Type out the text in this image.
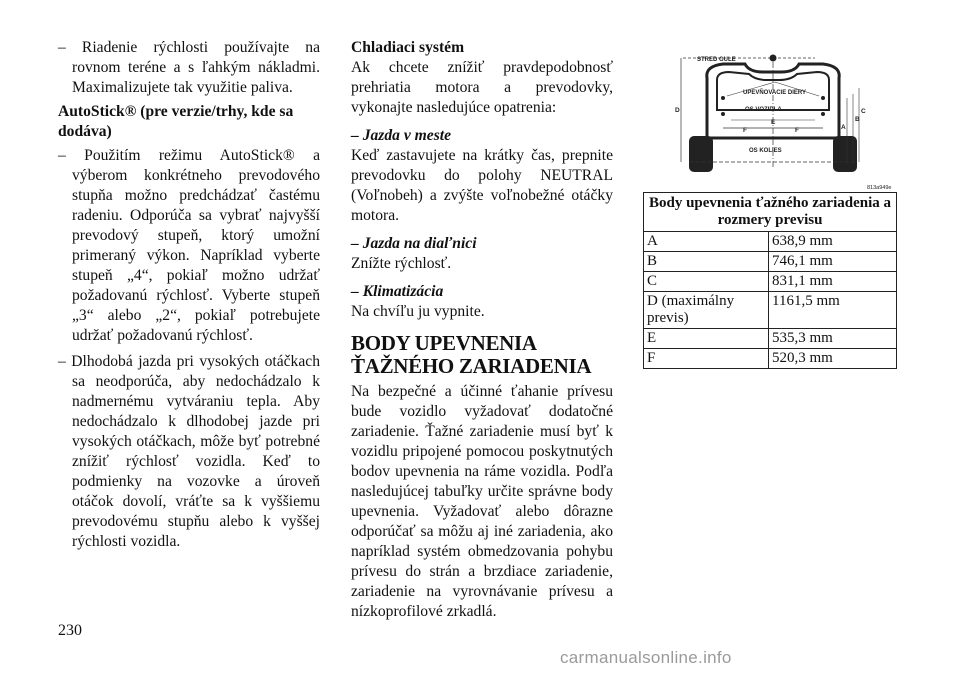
– Riadenie rýchlosti používajte na rovnom teréne a s ľahkým nákladmi. Maximalizujete tak využitie paliva.

AutoStick® (pre verzie/trhy, kde sa dodáva)

– Použitím režimu AutoStick® a výberom konkrétneho prevodového stupňa možno predchádzať častému radeniu. Odporúča sa vybrať najvyšší prevodový stupeň, ktorý umožní primeraný výkon. Napríklad vyberte stupeň „4“, pokiaľ možno udržať požadovanú rýchlosť. Vyberte stupeň „3“ alebo „2“, pokiaľ potrebujete udržať požadovanú rýchlosť.

– Dlhodobá jazda pri vysokých otáčkach sa neodporúča, aby nedochádzalo k nadmernému vytváraniu tepla. Aby nedochádzalo k dlhodobej jazde pri vysokých otáčkach, môže byť potrebné znížiť rýchlosť vozidla. Keď to podmienky na vozovke a úroveň otáčok dovolí, vráťte sa k vyššiemu prevodovému stupňu alebo k vyššej rýchlosti vozidla.

Chladiaci systém

Ak chcete znížiť pravdepodobnosť prehriatia motora a prevodovky, vykonajte nasledujúce opatrenia:

– Jazda v meste

Keď zastavujete na krátky čas, prepnite prevodovku do polohy NEUTRAL (Voľnobeh) a zvýšte voľnobežné otáčky motora.

– Jazda na diaľnici

Znížte rýchlosť.

– Klimatizácia

Na chvíľu ju vypnite.

BODY UPEVNENIA ŤAŽNÉHO ZARIADENIA

Na bezpečné a účinné ťahanie prívesu bude vozidlo vyžadovať dodatočné zariadenie. Ťažné zariadenie musí byť k vozidlu pripojené pomocou poskytnutých bodov upevnenia na ráme vozidla. Podľa nasledujúcej tabuľky určite správne body upevnenia. Vyžadovať alebo dôrazne odporúčať sa môžu aj iné zariadenia, ako napríklad systém obmedzovania pohybu prívesu do strán a brzdiace zariadenie, zariadenie na vyrovnávanie prívesu a nízkoprofilové zrkadlá.

STRED GULE
UPEVŇOVACIE DIERY
OS VOZIDLA
OS KOLIES
D
E
F	F	A
B
C
813a949e
Body upevnenia ťažného zariadenia a rozmery previsu	
A	638,9 mm
B	746,1 mm
C	831,1 mm
D (maximálny previs)	1161,5 mm
E	535,3 mm
F	520,3 mm
230
carmanualsonline.info
